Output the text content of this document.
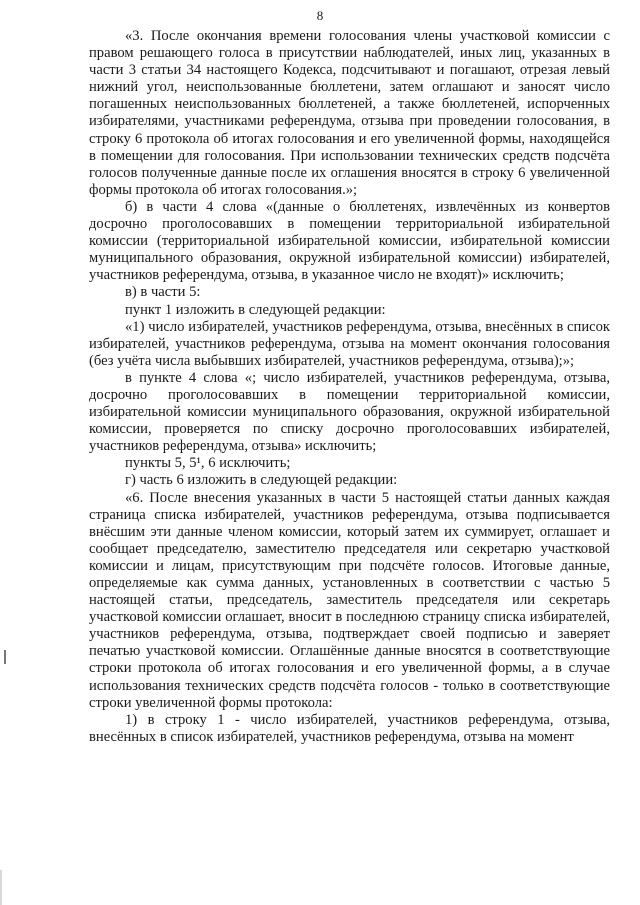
8

«3. После окончания времени голосования члены участковой комиссии с правом решающего голоса в присутствии наблюдателей, иных лиц, указанных в части 3 статьи 34 настоящего Кодекса, подсчитывают и погашают, отрезая левый нижний угол, неиспользованные бюллетени, затем оглашают и заносят число погашенных неиспользованных бюллетеней, а также бюллетеней, испорченных избирателями, участниками референдума, отзыва при проведении голосования, в строку 6 протокола об итогах голосования и его увеличенной формы, находящейся в помещении для голосования. При использовании технических средств подсчёта голосов полученные данные после их оглашения вносятся в строку 6 увеличенной формы протокола об итогах голосования.»;

б) в части 4 слова «(данные о бюллетенях, извлечённых из конвертов досрочно проголосовавших в помещении территориальной избирательной комиссии (территориальной избирательной комиссии, избирательной комиссии муниципального образования, окружной избирательной комиссии) избирателей, участников референдума, отзыва, в указанное число не входят)» исключить;

в) в части 5:

пункт 1 изложить в следующей редакции:

«1) число избирателей, участников референдума, отзыва, внесённых в список избирателей, участников референдума, отзыва на момент окончания голосования (без учёта числа выбывших избирателей, участников референдума, отзыва);»;

в пункте 4 слова «; число избирателей, участников референдума, отзыва, досрочно проголосовавших в помещении территориальной комиссии, избирательной комиссии муниципального образования, окружной избирательной комиссии, проверяется по списку досрочно проголосовавших избирателей, участников референдума, отзыва» исключить;

пункты 5, 5¹, 6 исключить;

г) часть 6 изложить в следующей редакции:

«6. После внесения указанных в части 5 настоящей статьи данных каждая страница списка избирателей, участников референдума, отзыва подписывается внёсшим эти данные членом комиссии, который затем их суммирует, оглашает и сообщает председателю, заместителю председателя или секретарю участковой комиссии и лицам, присутствующим при подсчёте голосов. Итоговые данные, определяемые как сумма данных, установленных в соответствии с частью 5 настоящей статьи, председатель, заместитель председателя или секретарь участковой комиссии оглашает, вносит в последнюю страницу списка избирателей, участников референдума, отзыва, подтверждает своей подписью и заверяет печатью участковой комиссии. Оглашённые данные вносятся в соответствующие строки протокола об итогах голосования и его увеличенной формы, а в случае использования технических средств подсчёта голосов - только в соответствующие строки увеличенной формы протокола:

1) в строку 1 - число избирателей, участников референдума, отзыва, внесённых в список избирателей, участников референдума, отзыва на момент
